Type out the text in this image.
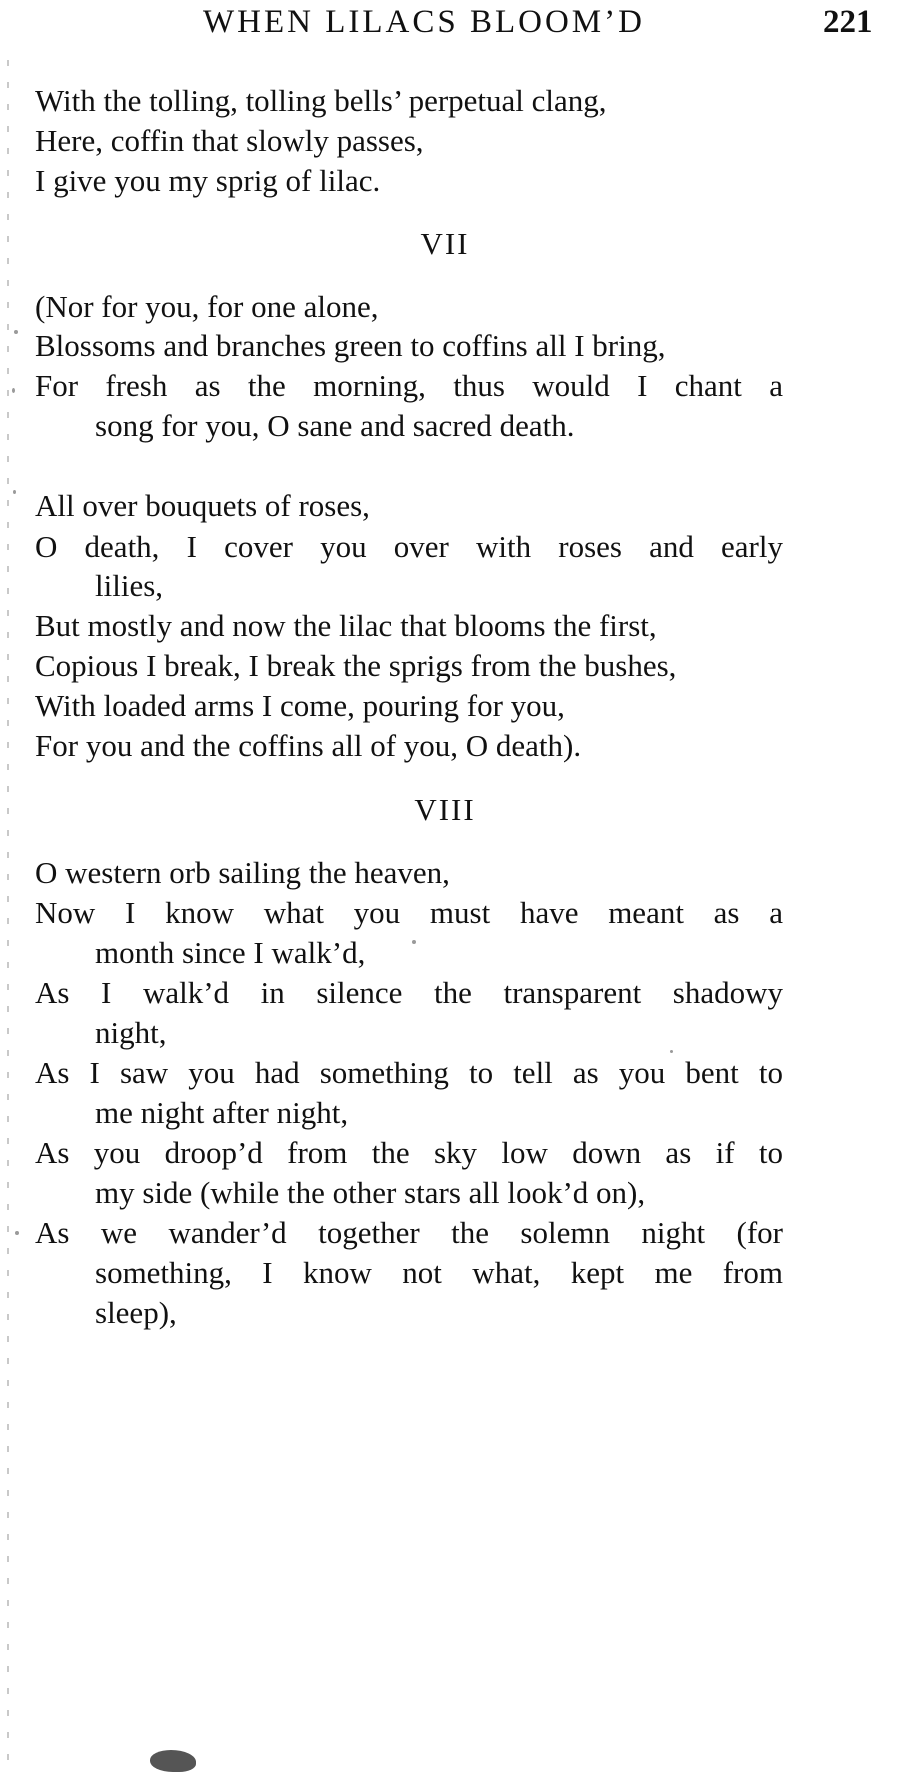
WHEN LILACS BLOOM’D	221
With the tolling, tolling bells’ perpetual clang,
Here, coffin that slowly passes,
I give you my sprig of lilac.
VII
(Nor for you, for one alone,
Blossoms and branches green to coffins all I bring,
For fresh as the morning, thus would I chant a
song for you, O sane and sacred death.
All over bouquets of roses,
O death, I cover you over with roses and early
lilies,
But mostly and now the lilac that blooms the first,
Copious I break, I break the sprigs from the bushes,
With loaded arms I come, pouring for you,
For you and the coffins all of you, O death).
VIII
O western orb sailing the heaven,
Now I know what you must have meant as a
month since I walk’d,
As I walk’d in silence the transparent shadowy
night,
As I saw you had something to tell as you bent to
me night after night,
As you droop’d from the sky low down as if to
my side (while the other stars all look’d on),
As we wander’d together the solemn night (for
something, I know not what, kept me from
sleep),
